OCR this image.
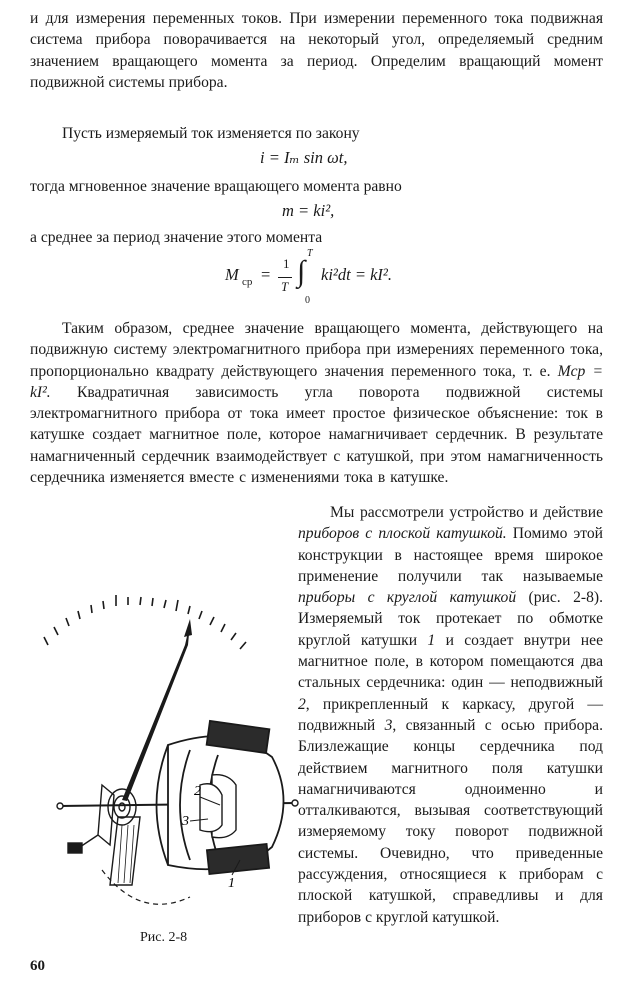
и для измерения переменных токов. При измерении переменного тока подвижная система прибора поворачивается на некоторый угол, определяемый средним значением вращающего момента за период. Определим вращающий момент подвижной системы прибора.

Пусть измеряемый ток изменяется по закону

i = Iₘ sin ωt,

тогда мгновенное значение вращающего момента равно

m = ki²,

а среднее за период значение этого момента

M ср =
1
T
T
∫
0
ki²dt = kI².

Таким образом, среднее значение вращающего момента, действующего на подвижную систему электромагнитного прибора при измерениях переменного тока, пропорционально квадрату действующего значения переменного тока, т. е. Mср = kI². Квадратичная зависимость угла поворота подвижной системы электромагнитного прибора от тока имеет простое физическое объяснение: ток в катушке создает магнитное поле, которое намагничивает сердечник. В результате намагниченный сердечник взаимодействует с катушкой, при этом намагниченность сердечника изменяется вместе с изменениями тока в катушке.

Мы рассмотрели устройство и действие приборов с плоской катушкой. Помимо этой конструкции в настоящее время широкое применение получили так называемые приборы с круглой катушкой (рис. 2-8). Измеряемый ток протекает по обмотке круглой катушки 1 и создает внутри нее магнитное поле, в котором помещаются два стальных сердечника: один — неподвижный 2, прикрепленный к каркасу, другой — подвижный 3, связанный с осью прибора. Близлежащие концы сердечника под действием магнитного поля катушки намагничиваются одноименно и отталкиваются, вызывая соответствующий измеряемому току поворот подвижной системы. Очевидно, что приведенные рассуждения, относящиеся к приборам с плоской катушкой, справедливы и для приборов с круглой катушкой.
2
3
1
Рис. 2-8
60
